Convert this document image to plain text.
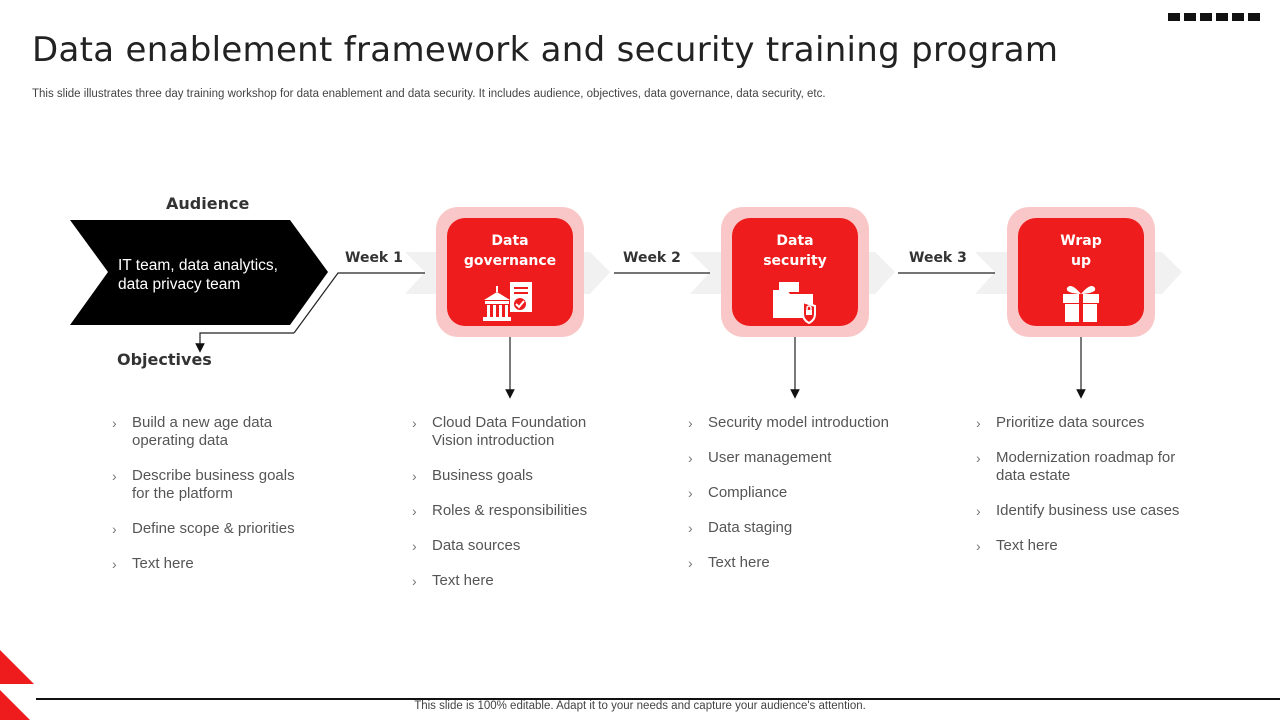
Data enablement framework and security training program
This slide illustrates three day training workshop for data enablement and data security. It includes audience, objectives, data governance, data security, etc.
Audience
IT team, data analytics,
data privacy team
Objectives
Week 1	Week 2	Week 3
Data
governance
Data
security
Wrap
up
› Build a new age data
operating data
› Describe business goals
for the platform
› Define scope & priorities
› Text here
› Cloud Data Foundation
Vision introduction
› Business goals
› Roles & responsibilities
› Data sources
› Text here
› Security model introduction
› User management
› Compliance
› Data staging
› Text here
› Prioritize data sources
› Modernization roadmap for
data estate
› Identify business use cases
› Text here
This slide is 100% editable. Adapt it to your needs and capture your audience's attention.
